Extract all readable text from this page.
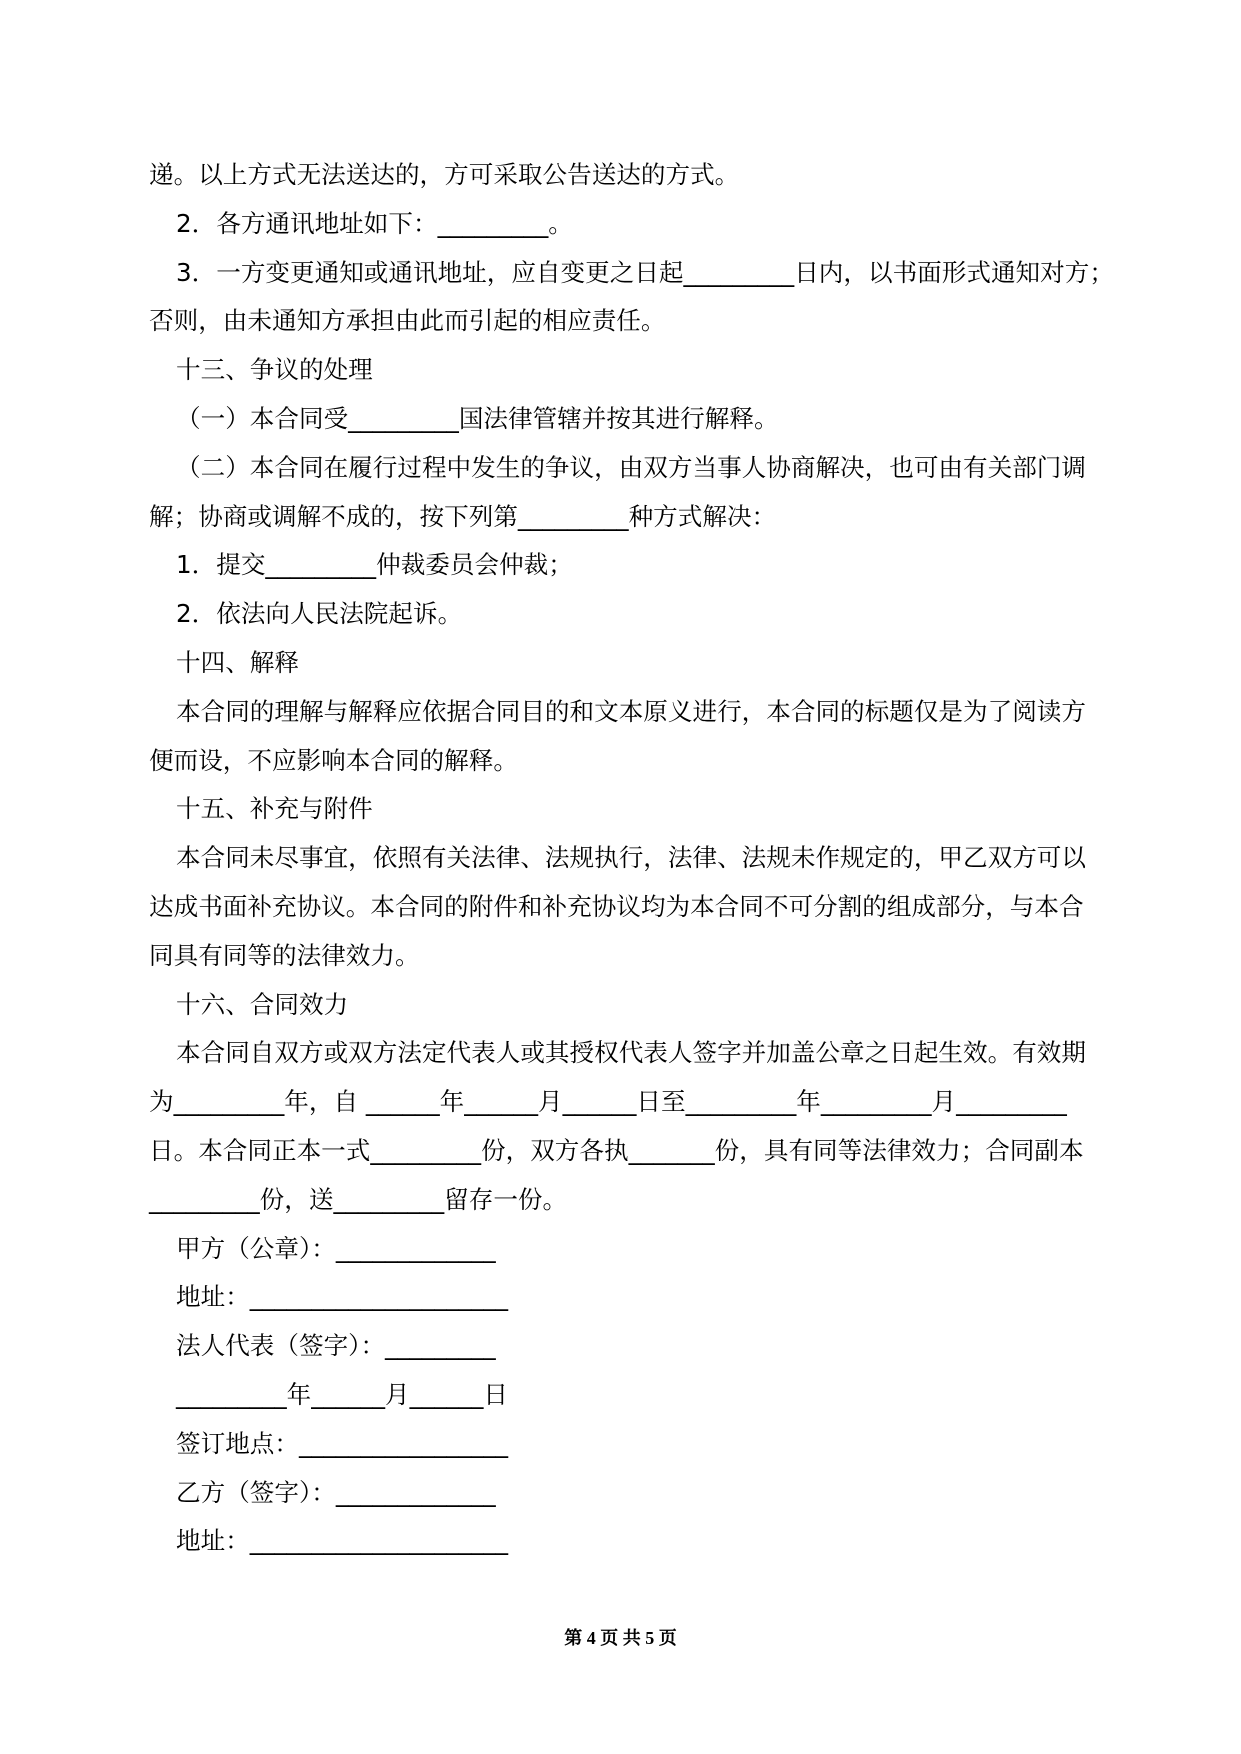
递。以上方式无法送达的，方可采取公告送达的方式。
2．各方通讯地址如下：_________。
3．一方变更通知或通讯地址，应自变更之日起_________日内，以书面形式通知对方；
否则，由未通知方承担由此而引起的相应责任。
十三、争议的处理
（一）本合同受_________国法律管辖并按其进行解释。
（二）本合同在履行过程中发生的争议，由双方当事人协商解决，也可由有关部门调
解；协商或调解不成的，按下列第_________种方式解决：
1．提交_________仲裁委员会仲裁；
2．依法向人民法院起诉。
十四、解释
本合同的理解与解释应依据合同目的和文本原义进行，本合同的标题仅是为了阅读方
便而设，不应影响本合同的解释。
十五、补充与附件
本合同未尽事宜，依照有关法律、法规执行，法律、法规未作规定的，甲乙双方可以
达成书面补充协议。本合同的附件和补充协议均为本合同不可分割的组成部分，与本合
同具有同等的法律效力。
十六、合同效力
本合同自双方或双方法定代表人或其授权代表人签字并加盖公章之日起生效。有效期
为_________年，自 ______年______月______日至_________年_________月_________
日。本合同正本一式_________份，双方各执_______份，具有同等法律效力；合同副本
_________份，送_________留存一份。
甲方（公章）：_____________
地址：_____________________
法人代表（签字）：_________
_________年______月______日
签订地点：_________________
乙方（签字）：_____________
地址：_____________________
第 4 页 共 5 页
